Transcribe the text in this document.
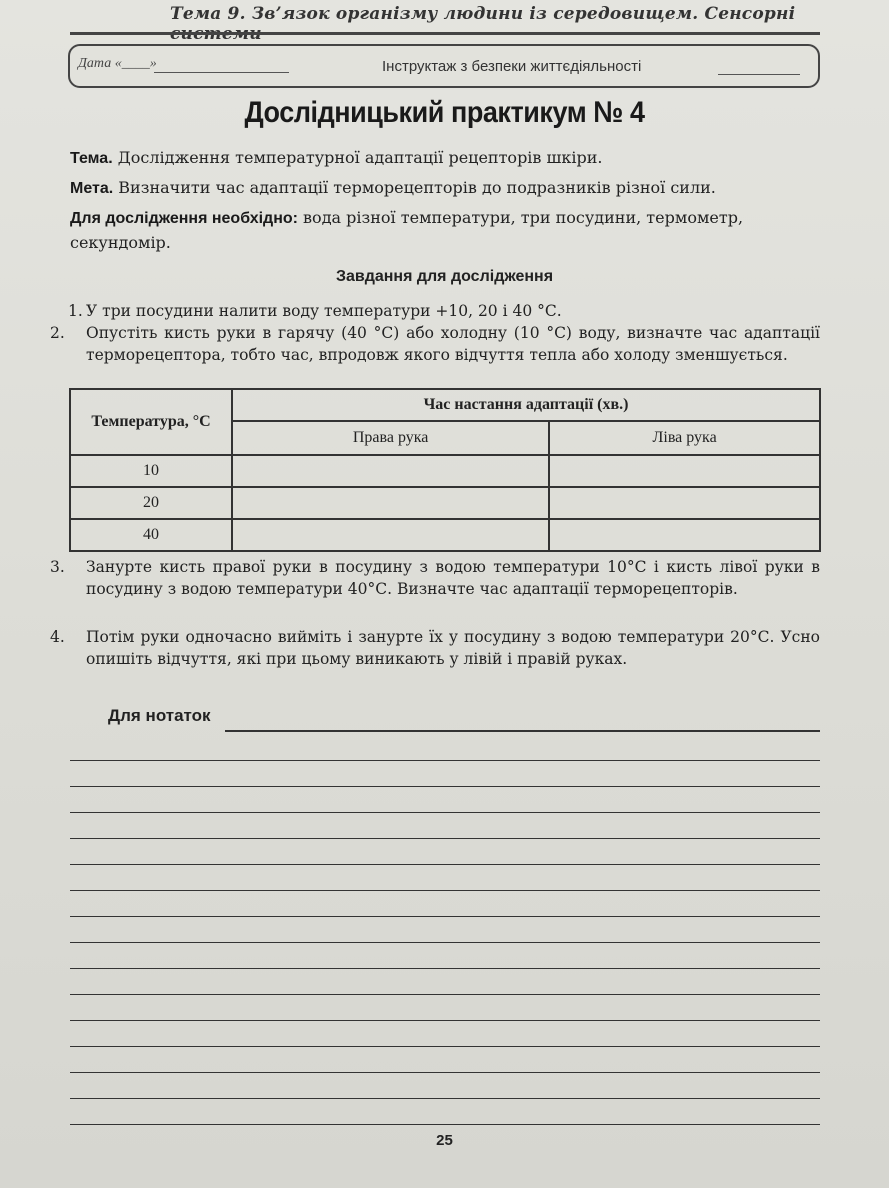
Тема 9. Зв’язок організму людини із середовищем. Сенсорні системи
Дата «____»	Інструктаж з безпеки життєдіяльності
Дослідницький практикум № 4
Тема. Дослідження температурної адаптації рецепторів шкіри.
Мета. Визначити час адаптації терморецепторів до подразників різної сили.
Для дослідження необхідно: вода різної температури, три посудини, термометр, секундомір.
Завдання для дослідження
1. У три посудини налити воду температури +10, 20 і 40 °С.
2. Опустіть кисть руки в гарячу (40 °С) або холодну (10 °С) воду, визначте час адаптації терморецептора, тобто час, впродовж якого відчуття тепла або холоду зменшується.
Температура, °С	Час настання адаптації (хв.)	
	Права рука	Ліва рука
10		
20		
40		
3. Занурте кисть правої руки в посудину з водою температури 10°С і кисть лівої руки в посудину з водою температури 40°С. Визначте час адаптації терморецепторів.
4. Потім руки одночасно вийміть і занурте їх у посудину з водою температури 20°С. Усно опишіть відчуття, які при цьому виникають у лівій і правій руках.
Для нотаток
25
